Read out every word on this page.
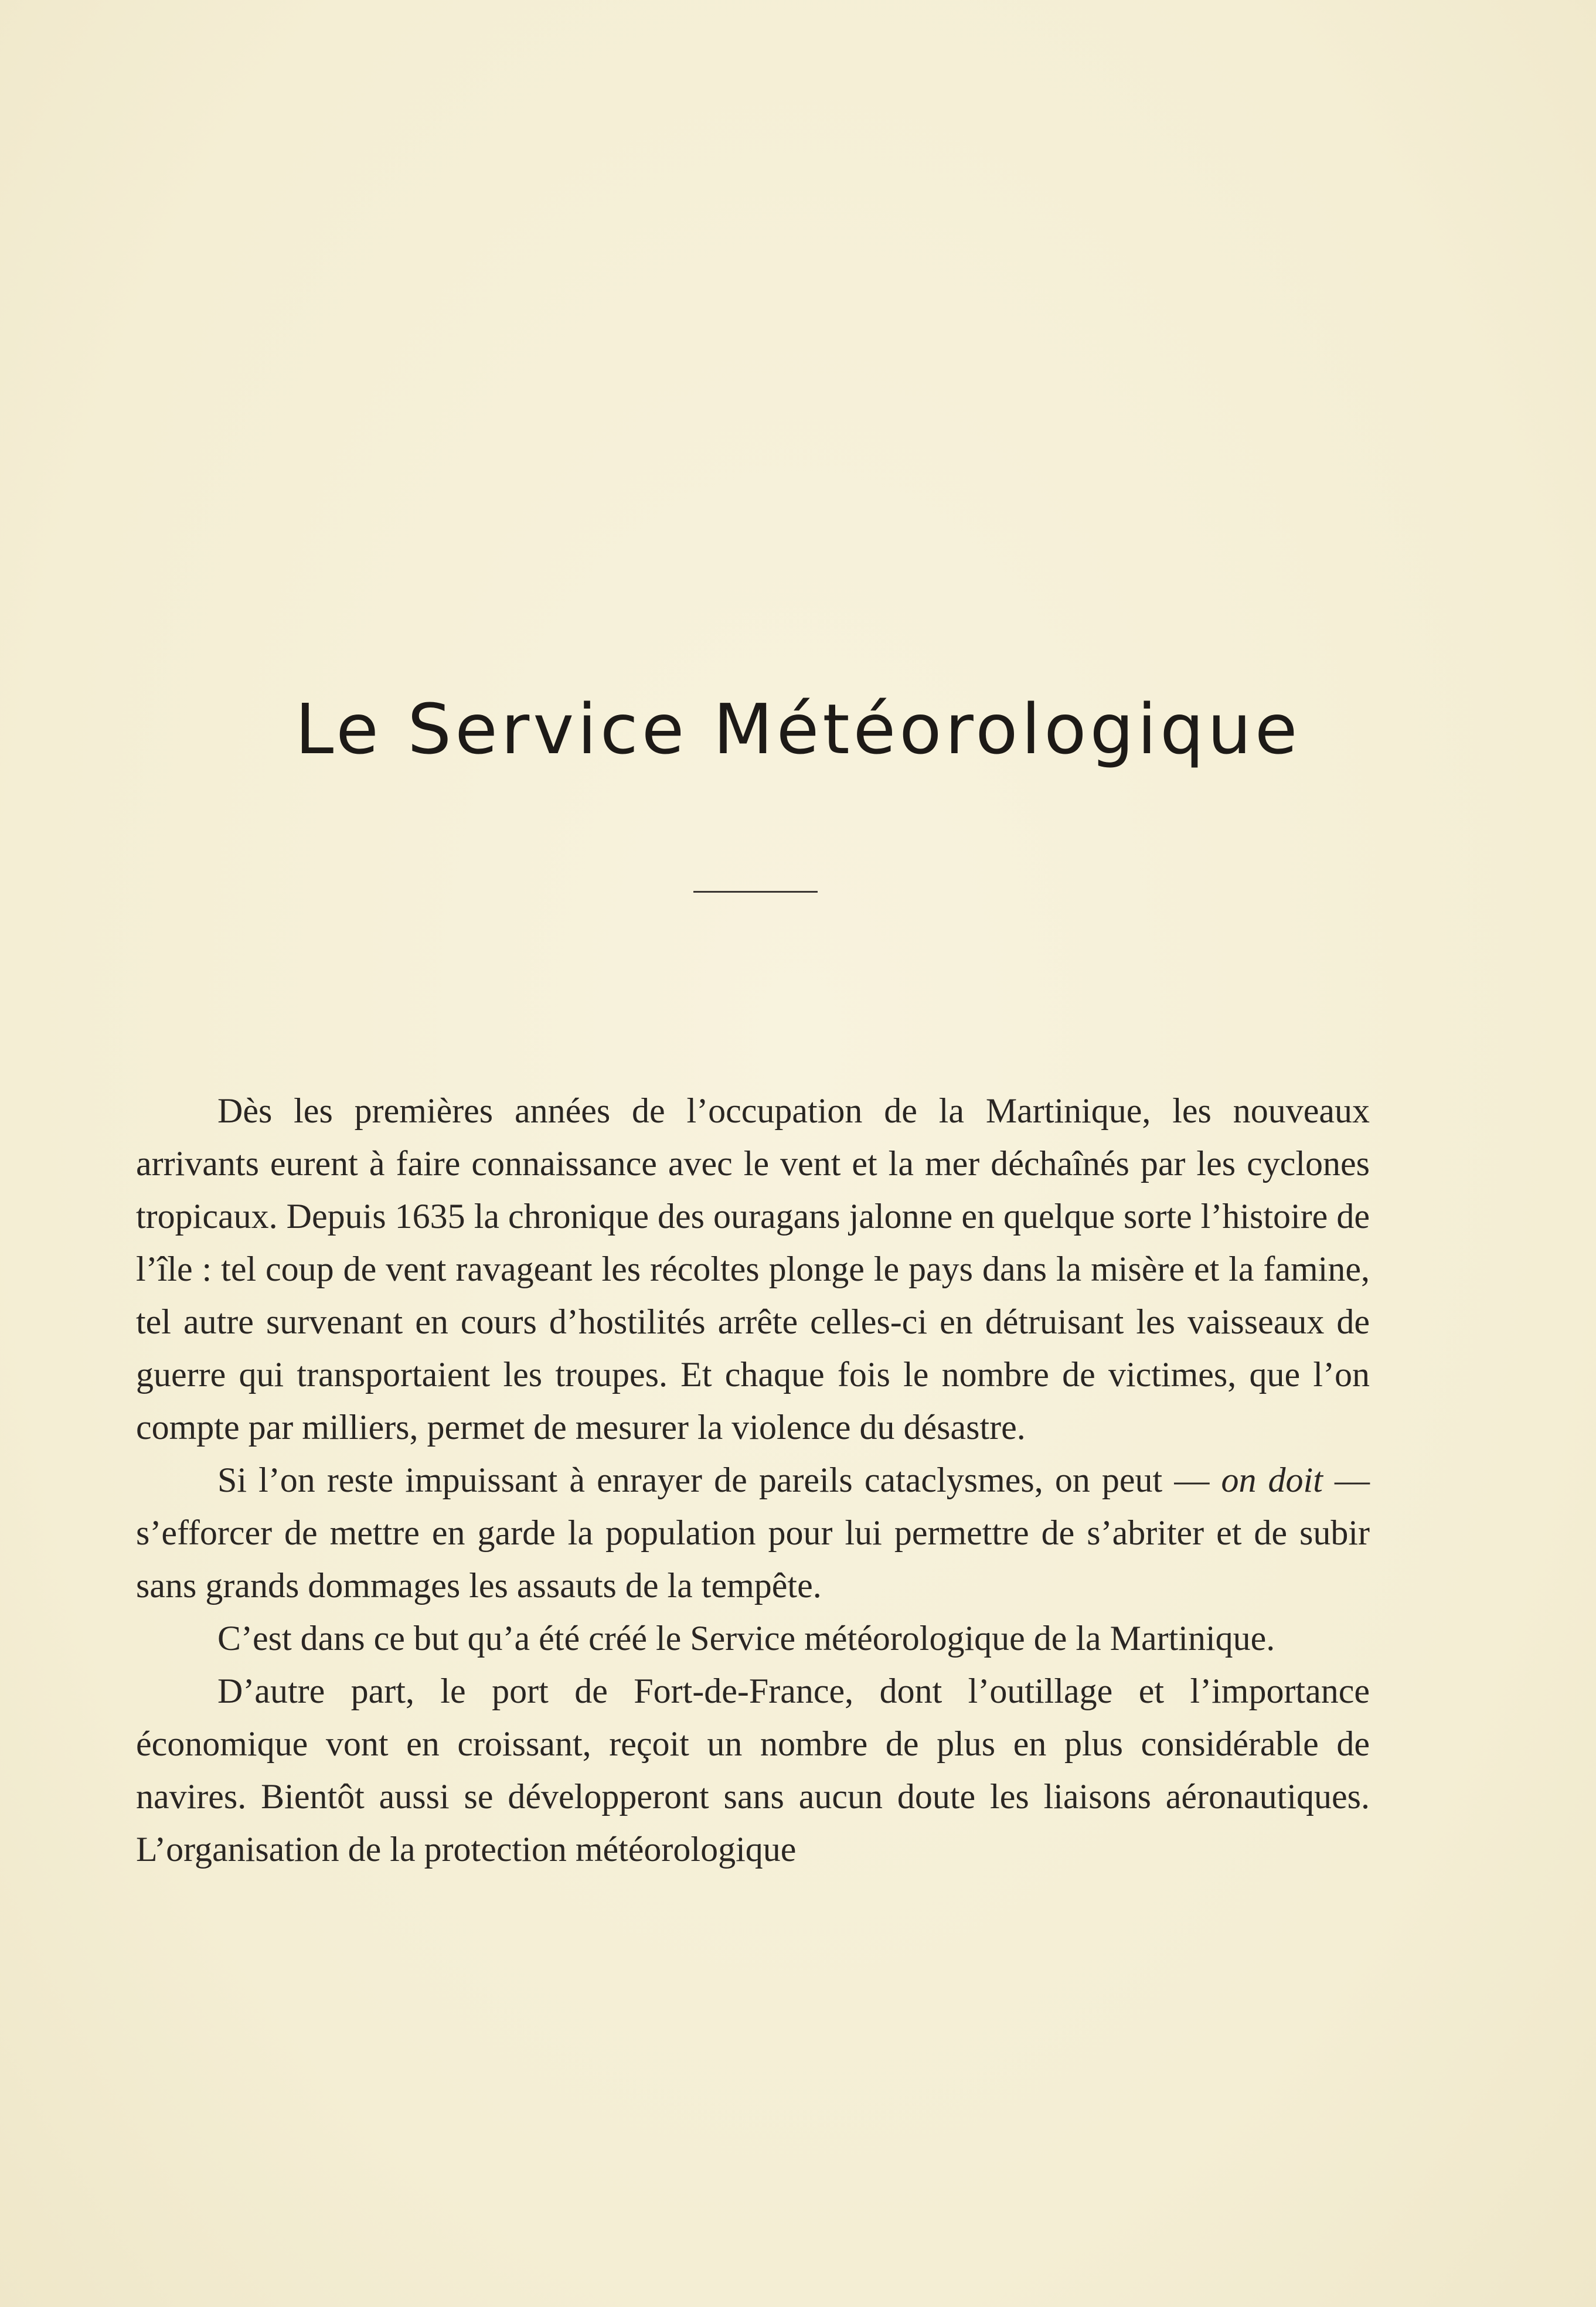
Le Service Météorologique

Dès les premières années de l’occupation de la Martinique, les nouveaux arrivants eurent à faire connaissance avec le vent et la mer déchaînés par les cyclones tropicaux. Depuis 1635 la chronique des ouragans jalonne en quelque sorte l’histoire de l’île : tel coup de vent ravageant les récoltes plonge le pays dans la misère et la famine, tel autre survenant en cours d’hostilités arrête celles-ci en détruisant les vaisseaux de guerre qui transportaient les troupes. Et chaque fois le nombre de victimes, que l’on compte par milliers, permet de mesurer la violence du désastre.

Si l’on reste impuissant à enrayer de pareils cataclysmes, on peut — on doit — s’efforcer de mettre en garde la population pour lui permettre de s’abriter et de subir sans grands dommages les assauts de la tempête.

C’est dans ce but qu’a été créé le Service météorologique de la Martinique.

D’autre part, le port de Fort-de-France, dont l’outillage et l’importance économique vont en croissant, reçoit un nombre de plus en plus considérable de navires. Bientôt aussi se développeront sans aucun doute les liaisons aéronautiques. L’organisation de la protection météorologique
